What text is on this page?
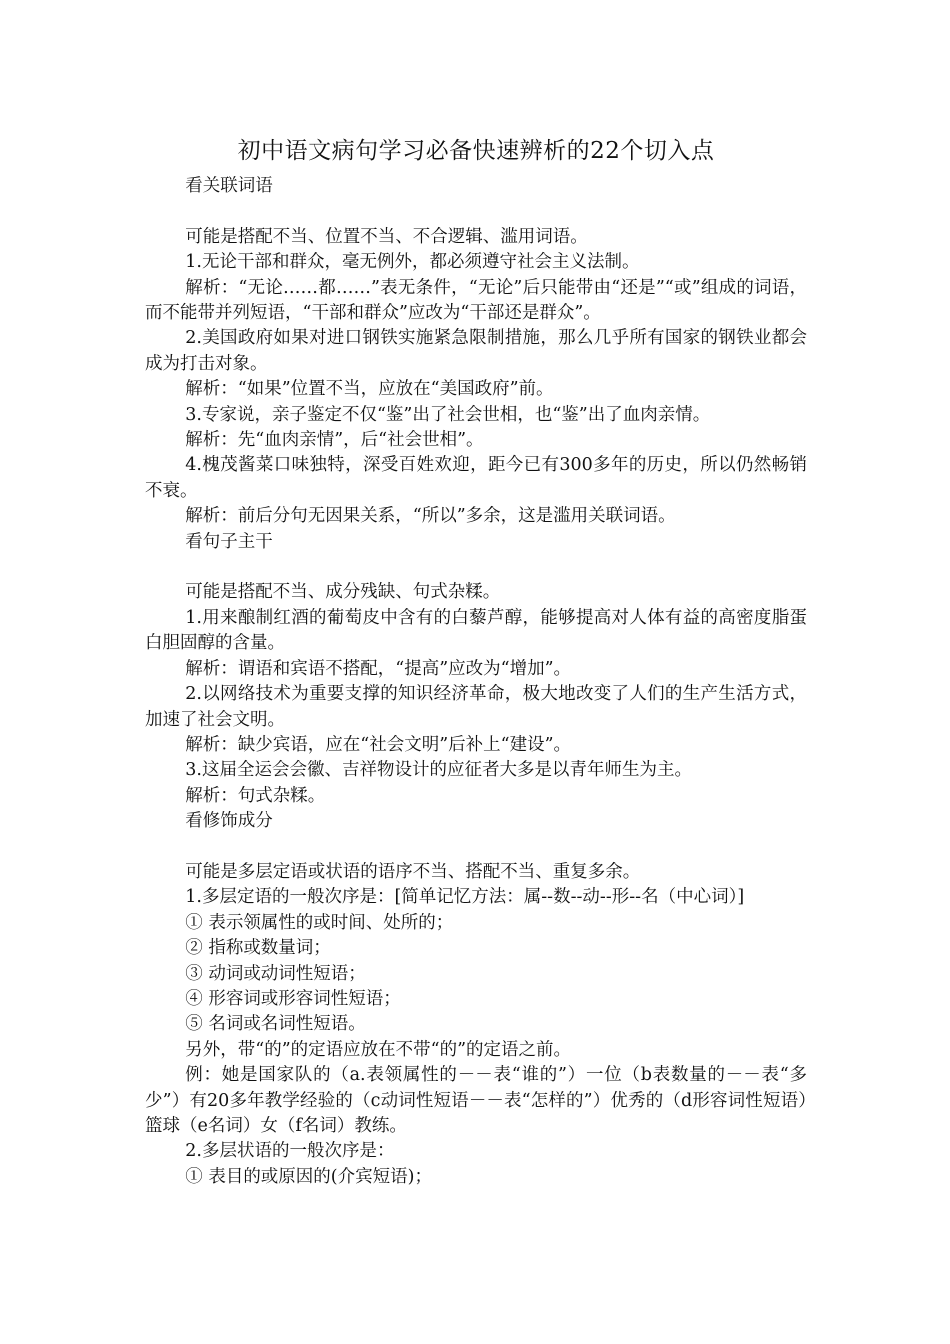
初中语文病句学习必备快速辨析的22个切入点

看关联词语

可能是搭配不当、位置不当、不合逻辑、滥用词语。

1.无论干部和群众，毫无例外，都必须遵守社会主义法制。

解析：“无论……都……”表无条件，“无论”后只能带由“还是”“或”组成的词语，而不能带并列短语，“干部和群众”应改为“干部还是群众”。

2.美国政府如果对进口钢铁实施紧急限制措施，那么几乎所有国家的钢铁业都会成为打击对象。

解析：“如果”位置不当，应放在“美国政府”前。

3.专家说，亲子鉴定不仅“鉴”出了社会世相，也“鉴”出了血肉亲情。

解析：先“血肉亲情”，后“社会世相”。

4.槐茂酱菜口味独特，深受百姓欢迎，距今已有300多年的历史，所以仍然畅销不衰。

解析：前后分句无因果关系，“所以”多余，这是滥用关联词语。

看句子主干

可能是搭配不当、成分残缺、句式杂糅。

1.用来酿制红酒的葡萄皮中含有的白藜芦醇，能够提高对人体有益的高密度脂蛋白胆固醇的含量。

解析：谓语和宾语不搭配，“提高”应改为“增加”。

2.以网络技术为重要支撑的知识经济革命，极大地改变了人们的生产生活方式，加速了社会文明。

解析：缺少宾语，应在“社会文明”后补上“建设”。

3.这届全运会会徽、吉祥物设计的应征者大多是以青年师生为主。

解析：句式杂糅。

看修饰成分

可能是多层定语或状语的语序不当、搭配不当、重复多余。

1.多层定语的一般次序是：[简单记忆方法：属--数--动--形--名（中心词）]

① 表示领属性的或时间、处所的；

② 指称或数量词；

③ 动词或动词性短语；

④ 形容词或形容词性短语；

⑤ 名词或名词性短语。

另外，带“的”的定语应放在不带“的”的定语之前。

例：她是国家队的（a.表领属性的－－表“谁的”）一位（b表数量的－－表“多少”）有20多年教学经验的（c动词性短语－－表“怎样的”）优秀的（d形容词性短语）篮球（e名词）女（f名词）教练。

2.多层状语的一般次序是：

① 表目的或原因的(介宾短语)；
